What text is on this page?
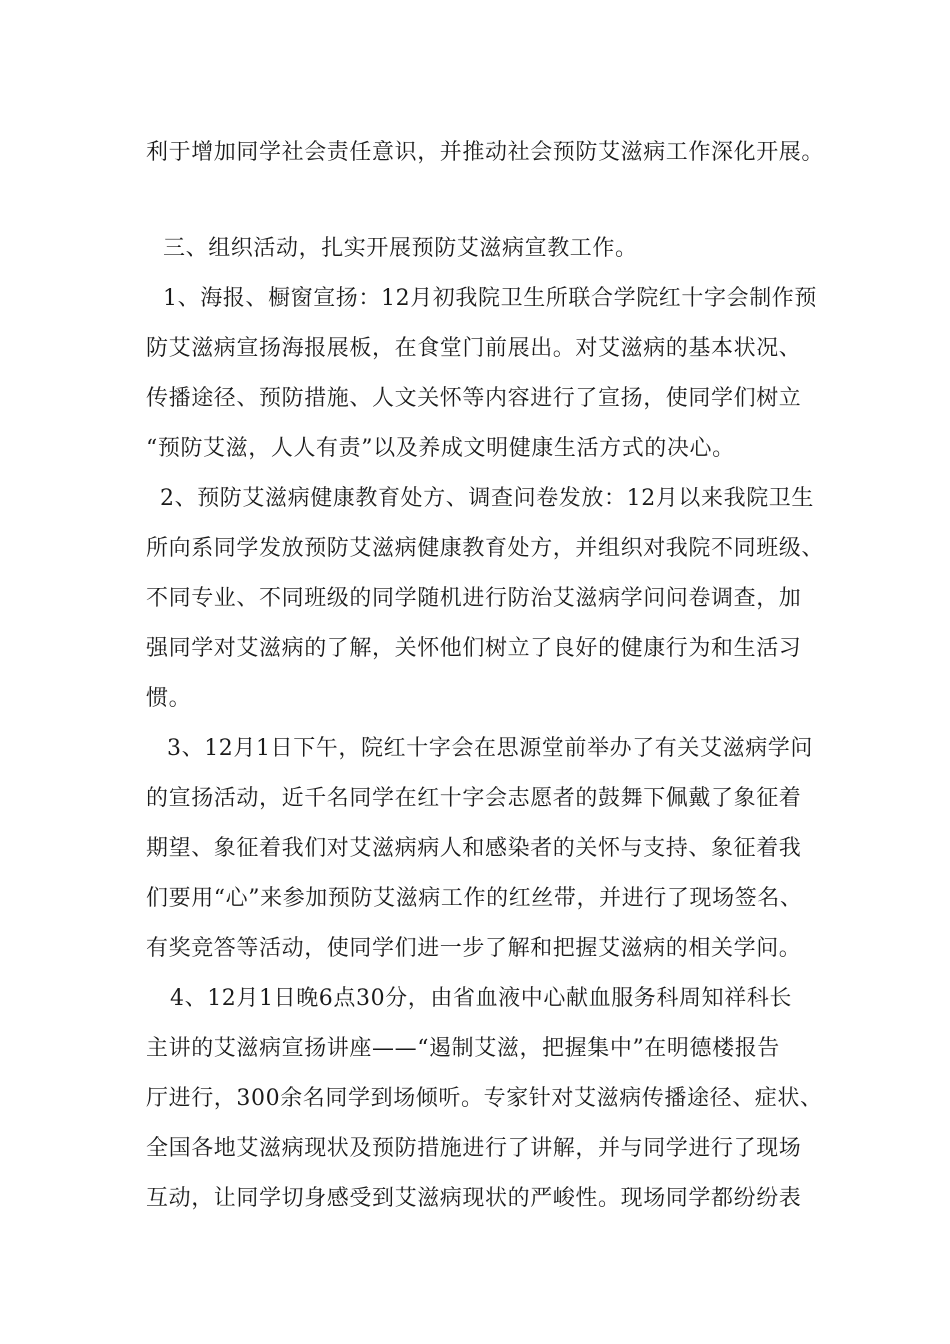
利于增加同学社会责任意识，并推动社会预防艾滋病工作深化开展。

三、组织活动，扎实开展预防艾滋病宣教工作。

1、海报、橱窗宣扬：12月初我院卫生所联合学院红十字会制作预

防艾滋病宣扬海报展板，在食堂门前展出。对艾滋病的基本状况、

传播途径、预防措施、人文关怀等内容进行了宣扬，使同学们树立

“预防艾滋，人人有责”以及养成文明健康生活方式的决心。

2、预防艾滋病健康教育处方、调查问卷发放：12月以来我院卫生

所向系同学发放预防艾滋病健康教育处方，并组织对我院不同班级、

不同专业、不同班级的同学随机进行防治艾滋病学问问卷调查，加

强同学对艾滋病的了解，关怀他们树立了良好的健康行为和生活习

惯。

3、12月1日下午，院红十字会在思源堂前举办了有关艾滋病学问

的宣扬活动，近千名同学在红十字会志愿者的鼓舞下佩戴了象征着

期望、象征着我们对艾滋病病人和感染者的关怀与支持、象征着我

们要用“心”来参加预防艾滋病工作的红丝带，并进行了现场签名、

有奖竞答等活动，使同学们进一步了解和把握艾滋病的相关学问。

4、12月1日晚6点30分，由省血液中心献血服务科周知祥科长

主讲的艾滋病宣扬讲座——“遏制艾滋，把握集中”在明德楼报告

厅进行，300余名同学到场倾听。专家针对艾滋病传播途径、症状、

全国各地艾滋病现状及预防措施进行了讲解，并与同学进行了现场

互动，让同学切身感受到艾滋病现状的严峻性。现场同学都纷纷表
